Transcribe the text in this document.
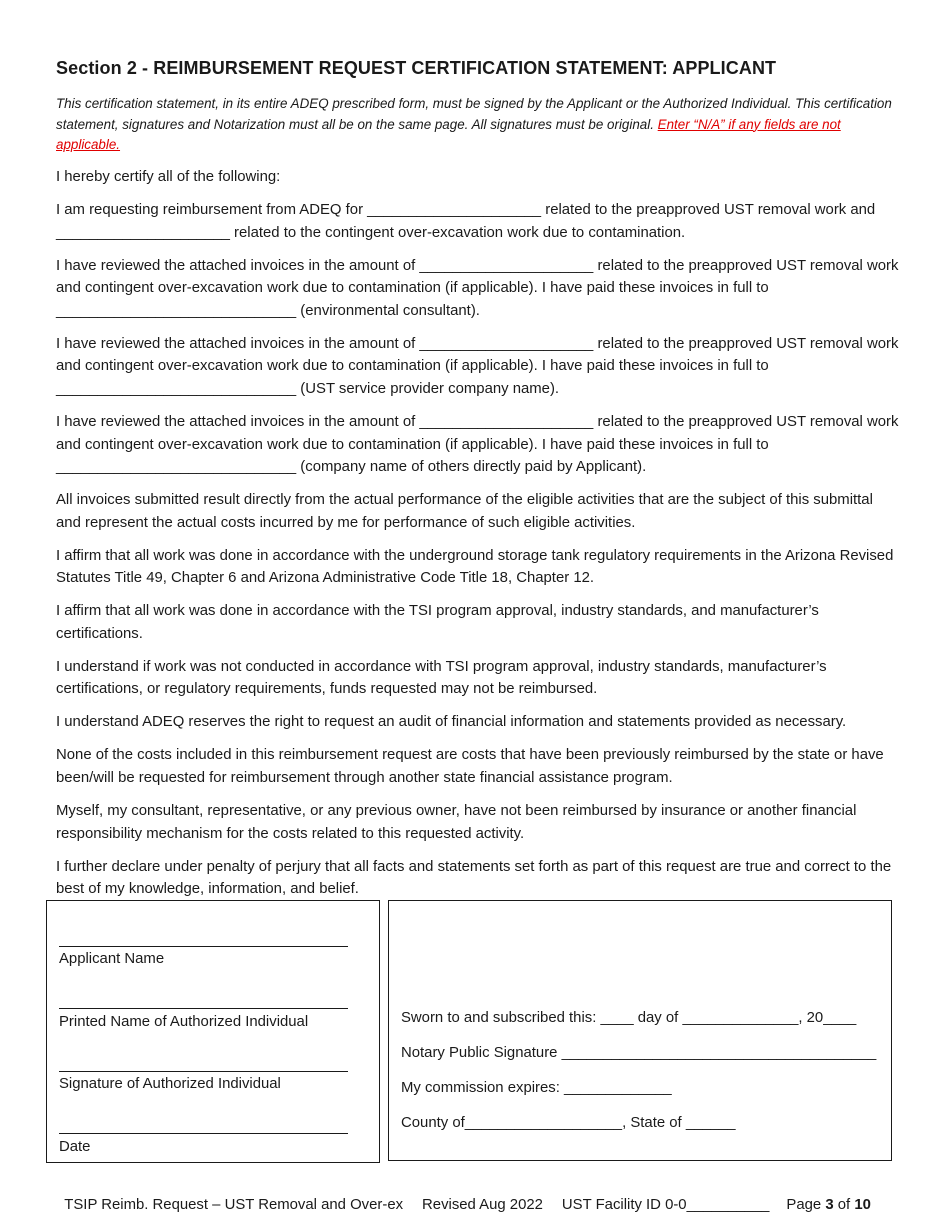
Section 2 - REIMBURSEMENT REQUEST CERTIFICATION STATEMENT: APPLICANT
This certification statement, in its entire ADEQ prescribed form, must be signed by the Applicant or the Authorized Individual. This certification statement, signatures and Notarization must all be on the same page. All signatures must be original. Enter “N/A” if any fields are not applicable.

I hereby certify all of the following:

I am requesting reimbursement from ADEQ for _____________________ related to the preapproved UST removal work and _____________________ related to the contingent over-excavation work due to contamination.

I have reviewed the attached invoices in the amount of _____________________ related to the preapproved UST removal work and contingent over-excavation work due to contamination (if applicable). I have paid these invoices in full to _____________________________ (environmental consultant).

I have reviewed the attached invoices in the amount of _____________________ related to the preapproved UST removal work and contingent over-excavation work due to contamination (if applicable). I have paid these invoices in full to _____________________________ (UST service provider company name).

I have reviewed the attached invoices in the amount of _____________________ related to the preapproved UST removal work and contingent over-excavation work due to contamination (if applicable). I have paid these invoices in full to _____________________________ (company name of others directly paid by Applicant).

All invoices submitted result directly from the actual performance of the eligible activities that are the subject of this submittal and represent the actual costs incurred by me for performance of such eligible activities.

I affirm that all work was done in accordance with the underground storage tank regulatory requirements in the Arizona Revised Statutes Title 49, Chapter 6 and Arizona Administrative Code Title 18, Chapter 12.

I affirm that all work was done in accordance with the TSI program approval, industry standards, and manufacturer’s certifications.

I understand if work was not conducted in accordance with TSI program approval, industry standards, manufacturer’s certifications, or regulatory requirements, funds requested may not be reimbursed.

I understand ADEQ reserves the right to request an audit of financial information and statements provided as necessary.

None of the costs included in this reimbursement request are costs that have been previously reimbursed by the state or have been/will be requested for reimbursement through another state financial assistance program.

Myself, my consultant, representative, or any previous owner, have not been reimbursed by insurance or another financial responsibility mechanism for the costs related to this requested activity.

I further declare under penalty of perjury that all facts and statements set forth as part of this request are true and correct to the best of my knowledge, information, and belief.

Applicant Name
Printed Name of Authorized Individual
Signature of Authorized Individual
Date
Sworn to and subscribed this: ____ day of ______________, 20____
Notary Public Signature ______________________________________
My commission expires: _____________
County of___________________, State of ______

TSIP Reimb. Request – UST Removal and Over-ex Revised Aug 2022 UST Facility ID 0-0__________ Page 3 of 10
